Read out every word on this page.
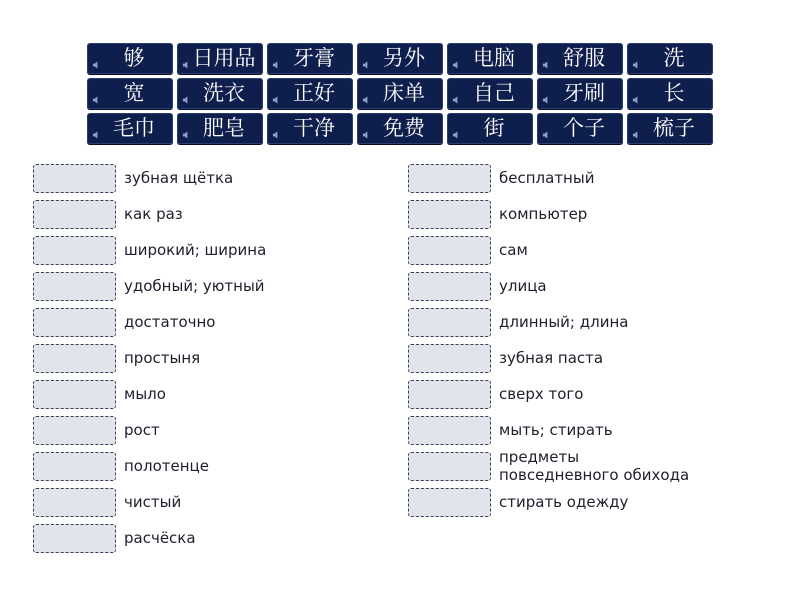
够	日用品	牙膏	另外	电脑	舒服	洗
宽	洗衣	正好	床单	自己	牙刷	长
毛巾	肥皂	干净	免费	街	个子	梳子
зубная щётка
как раз
широкий; ширина
удобный; уютный
достаточно
простыня
мыло
рост
полотенце
чистый
расчёска
бесплатный
компьютер
сам
улица
длинный; длина
зубная паста
сверх того
мыть; стирать
предметы
повседневного обихода
стирать одежду
